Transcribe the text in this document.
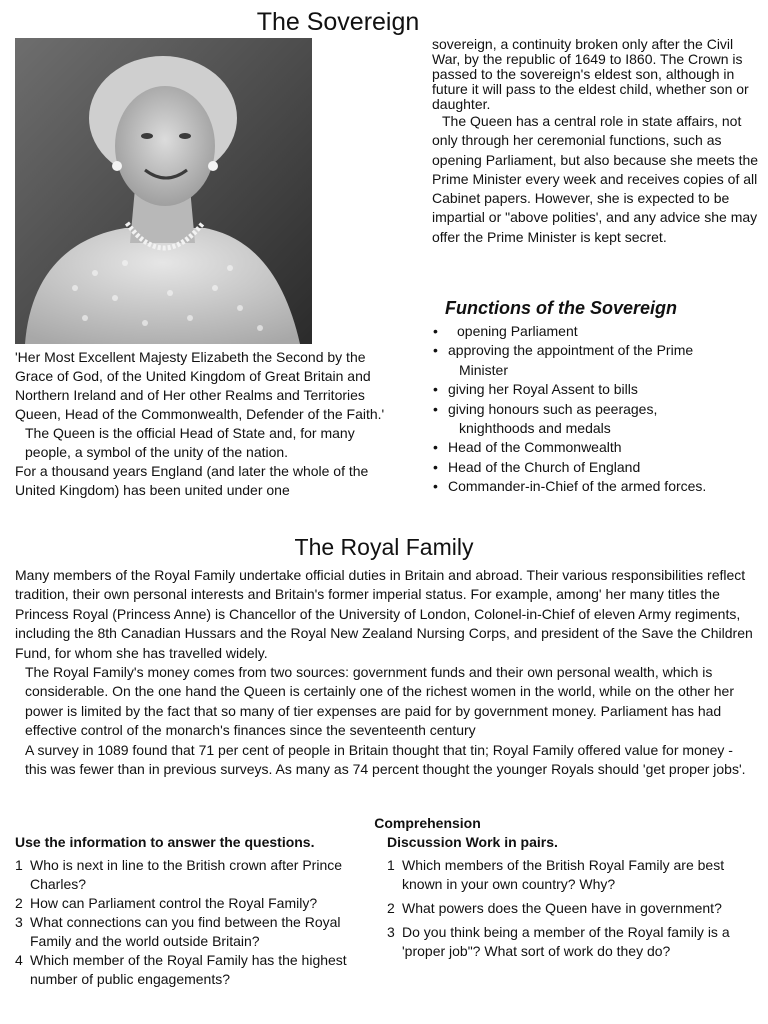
The Sovereign

sovereign, a continuity broken only after the Civil War, by the republic of 1649 to I860. The Crown is passed to the sovereign's eldest son, although in future it will pass to the eldest child, whether son or daughter.

The Queen has a central role in state affairs, not only through her ceremonial functions, such as opening Parliament, but also because she meets the Prime Minister every week and receives copies of all Cabinet papers. However, she is expected to be impartial or "above polities', and any advice she may offer the Prime Minister is kept secret.

Functions of the Sovereign
• opening Parliament
• approving the appointment of the Prime
Minister
• giving her Royal Assent to bills
• giving honours such as peerages,
knighthoods and medals
• Head of the Commonwealth
• Head of the Church of England
• Commander-in-Chief of the armed forces.

'Her Most Excellent Majesty Elizabeth the Second by the Grace of God, of the United Kingdom of Great Britain and Northern Ireland and of Her other Realms and Territories Queen, Head of the Commonwealth, Defender of the Faith.'

The Queen is the official Head of State and, for many people, a symbol of the unity of the nation.

For a thousand years England (and later the whole of the United Kingdom) has been united under one

The Royal Family

Many members of the Royal Family undertake official duties in Britain and abroad. Their various responsibilities reflect tradition, their own personal interests and Britain's former imperial status. For example, among' her many titles the Princess Royal (Princess Anne) is Chancellor of the University of London, Colonel-in-Chief of eleven Army regiments, including the 8th Canadian Hussars and the Royal New Zealand Nursing Corps, and president of the Save the Children Fund, for whom she has travelled widely.

The Royal Family's money comes from two sources: government funds and their own personal wealth, which is considerable. On the one hand the Queen is certainly one of the richest women in the world, while on the other her power is limited by the fact that so many of tier expenses are paid for by government money. Parliament has had effective control of the monarch's finances since the seventeenth century

A survey in 1089 found that 71 per cent of people in Britain thought that tin; Royal Family offered value for money - this was fewer than in previous surveys. As many as 74 percent thought the younger Royals should 'get proper jobs'.

Comprehension
Use the information to answer the questions.	Discussion Work in pairs.
1 Who is next in line to the British crown after Prince Charles?
2 How can Parliament control the Royal Family?
3 What connections can you find between the Royal Family and the world outside Britain?
4 Which member of the Royal Family has the highest number of public engagements?
1 Which members of the British Royal Family are best known in your own country? Why?
2 What powers does the Queen have in government?
3 Do you think being a member of the Royal family is a 'proper job"? What sort of work do they do?
